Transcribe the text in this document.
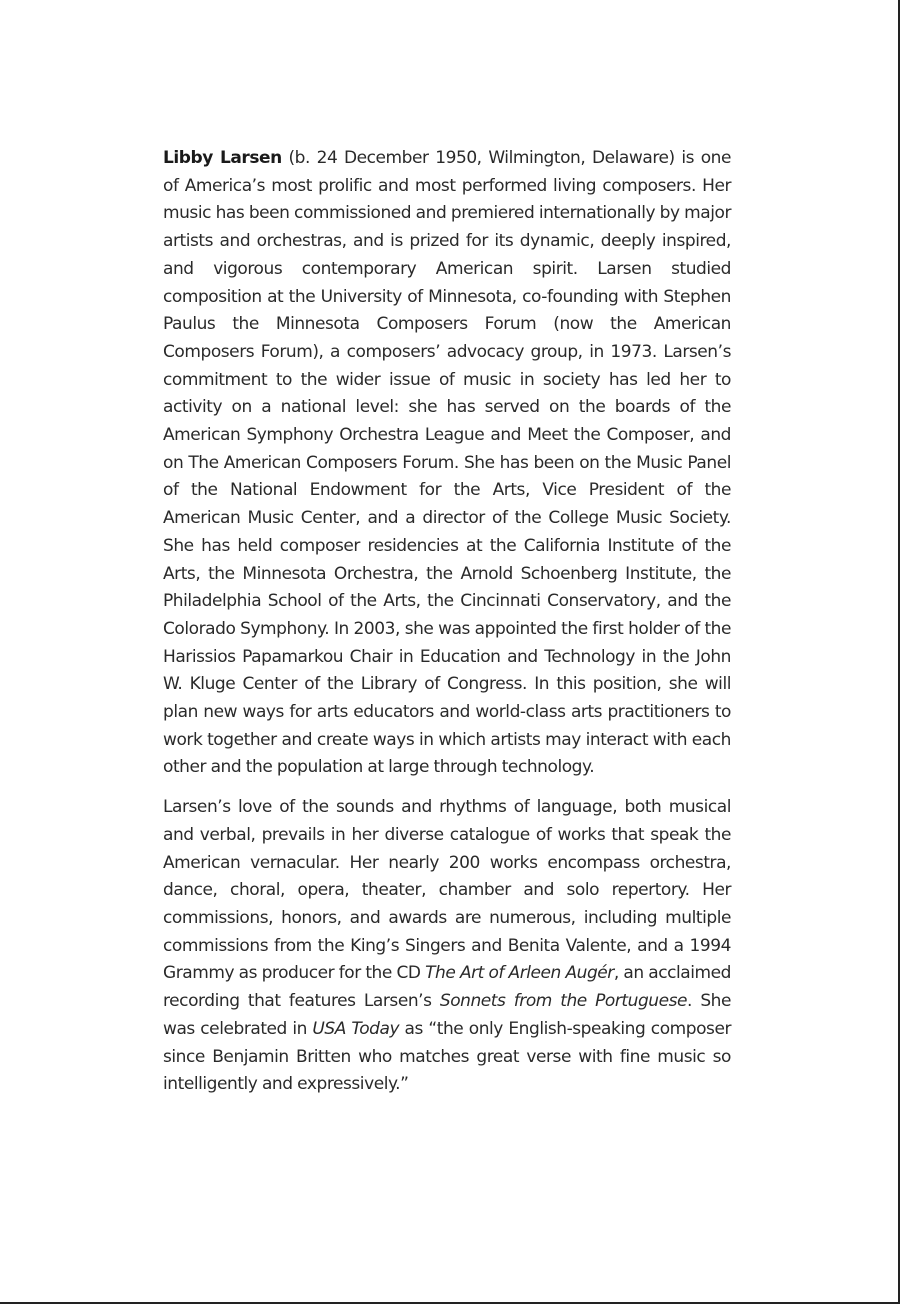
Libby Larsen (b. 24 December 1950, Wilmington, Delaware) is one of America’s most prolific and most performed living composers. Her music has been commissioned and premiered internationally by major artists and orchestras, and is prized for its dynamic, deeply inspired, and vigorous contemporary American spirit. Larsen studied composition at the University of Minnesota, co-founding with Stephen Paulus the Minnesota Composers Forum (now the American Composers Forum), a composers’ advocacy group, in 1973. Larsen’s commitment to the wider issue of music in society has led her to activity on a national level: she has served on the boards of the American Symphony Orchestra League and Meet the Composer, and on The American Composers Forum. She has been on the Music Panel of the National Endowment for the Arts, Vice President of the American Music Center, and a director of the College Music Society. She has held composer residencies at the California Institute of the Arts, the Minnesota Orchestra, the Arnold Schoenberg Institute, the Philadelphia School of the Arts, the Cincinnati Conservatory, and the Colorado Symphony. In 2003, she was appointed the first holder of the Harissios Papamarkou Chair in Education and Technology in the John W. Kluge Center of the Library of Congress. In this position, she will plan new ways for arts educators and world-class arts practitioners to work together and create ways in which artists may interact with each other and the population at large through technology.

Larsen’s love of the sounds and rhythms of language, both musical and verbal, prevails in her diverse catalogue of works that speak the American vernacular. Her nearly 200 works encompass orchestra, dance, choral, opera, theater, chamber and solo repertory. Her commissions, honors, and awards are numerous, including multiple commissions from the King’s Singers and Benita Valente, and a 1994 Grammy as producer for the CD The Art of Arleen Augér, an acclaimed recording that features Larsen’s Sonnets from the Portuguese. She was celebrated in USA Today as “the only English-speaking composer since Benjamin Britten who matches great verse with fine music so intelligently and expressively.”
